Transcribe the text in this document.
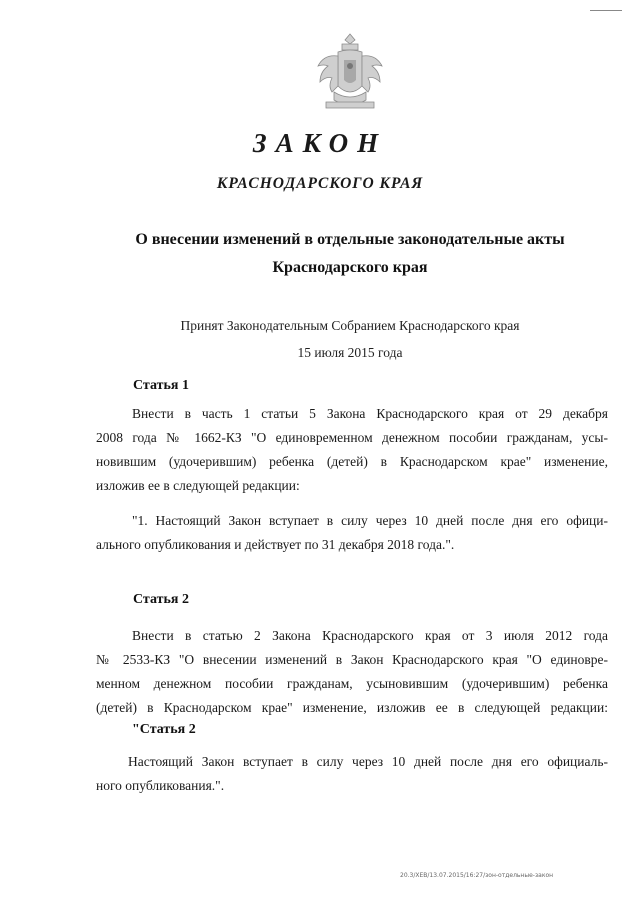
ЗАКОН
КРАСНОДАРСКОГО КРАЯ
О внесении изменений в отдельные законодательные акты
Краснодарского края
Принят Законодательным Собранием Краснодарского края
15 июля 2015 года
Статья 1
Внести в часть 1 статьи 5 Закона Краснодарского края от 29 декабря
2008 года № 1662-КЗ "О единовременном денежном пособии гражданам, усы-
новившим (удочерившим) ребенка (детей) в Краснодарском крае" изменение,
изложив ее в следующей редакции:
"1. Настоящий Закон вступает в силу через 10 дней после дня его офици-
ального опубликования и действует по 31 декабря 2018 года.".
Статья 2
Внести в статью 2 Закона Краснодарского края от 3 июля 2012 года
№ 2533-КЗ "О внесении изменений в Закон Краснодарского края "О единовре-
менном денежном пособии гражданам, усыновившим (удочерившим) ребенка
(детей) в Краснодарском крае" изменение, изложив ее в следующей редакции:
"Статья 2
Настоящий Закон вступает в силу через 10 дней после дня его официаль-
ного опубликования.".
20.3/ХЕВ/13.07.2015/16:27/зон-отдельные-закон
